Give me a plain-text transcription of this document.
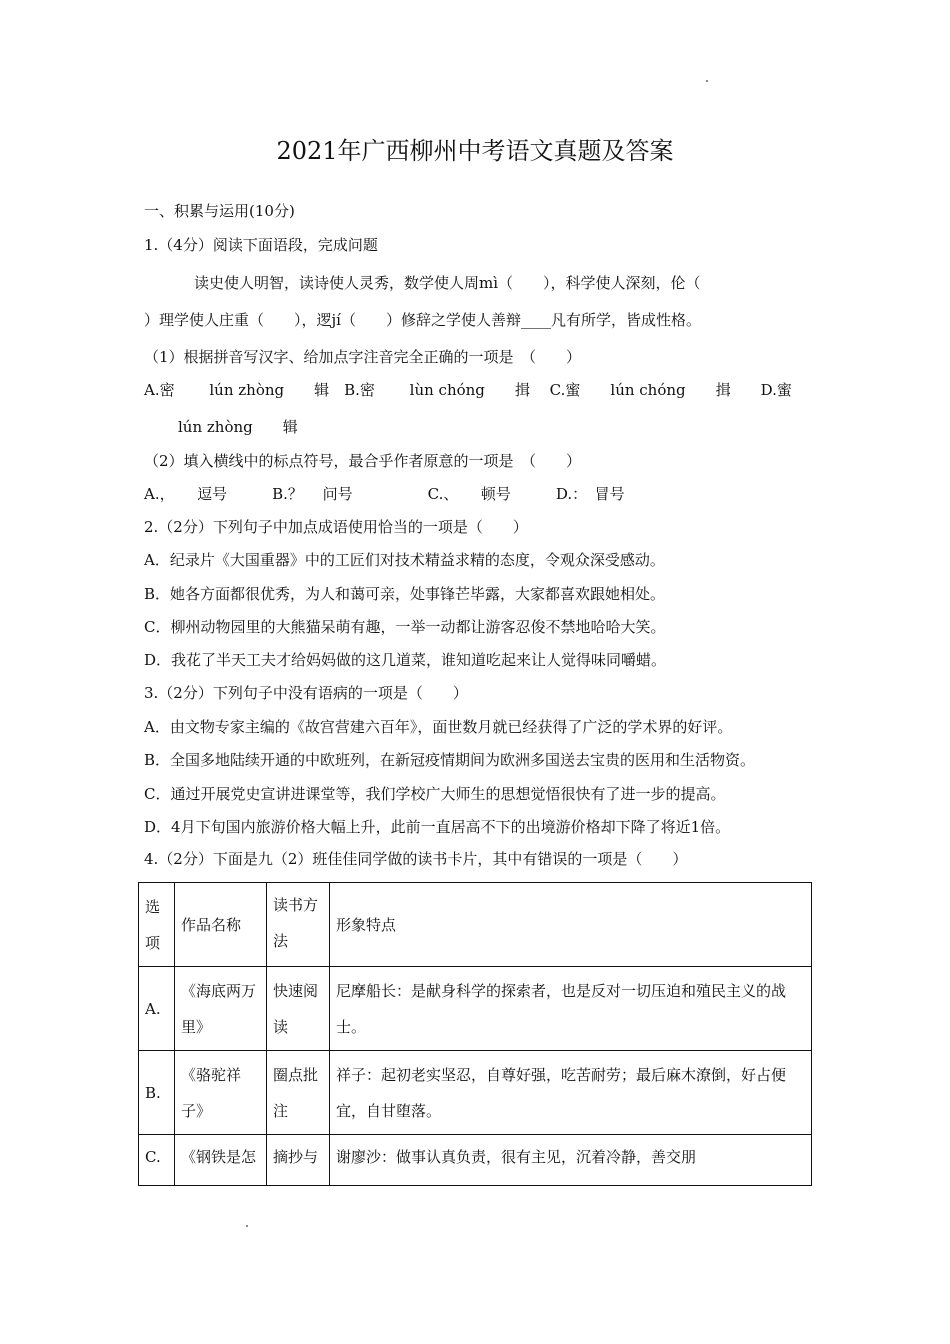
2021年广西柳州中考语文真题及答案
一、积累与运用(10分)
1.（4分）阅读下面语段，完成问题
读史使人明智，读诗使人灵秀，数学使人周mì（　　），科学使人深刻，伦（
）理学使人庄重（　　），逻jí（　　）修辞之学使人善辩____凡有所学，皆成性格。
（1）根据拼音写汉字、给加点字注音完全正确的一项是　（　　）
A.密　　 lún zhòng　　辑　B.密　　 lùn chóng　　揖　 C.蜜　　lún chóng　　揖　　D.蜜
lún zhòng　　辑
（2）填入横线中的标点符号，最合乎作者原意的一项是　（　　）
A.，　　逗号　　　B.？　 问号　　　　　C.、　　顿号　　　D.：　冒号
2.（2分）下列句子中加点成语使用恰当的一项是（　　）
A．纪录片《大国重器》中的工匠们对技术精益求精的态度，令观众深受感动。
B．她各方面都很优秀，为人和蔼可亲，处事锋芒毕露，大家都喜欢跟她相处。
C．柳州动物园里的大熊猫呆萌有趣，一举一动都让游客忍俊不禁地哈哈大笑。
D．我花了半天工夫才给妈妈做的这几道菜，谁知道吃起来让人觉得味同嚼蜡。
3.（2分）下列句子中没有语病的一项是（　　）
A．由文物专家主编的《故宫营建六百年》，面世数月就已经获得了广泛的学术界的好评。
B．全国多地陆续开通的中欧班列，在新冠疫情期间为欧洲多国送去宝贵的医用和生活物资。
C．通过开展党史宣讲进课堂等，我们学校广大师生的思想觉悟很快有了进一步的提高。
D．4月下旬国内旅游价格大幅上升，此前一直居高不下的出境游价格却下降了将近1倍。
4.（2分）下面是九（2）班佳佳同学做的读书卡片，其中有错误的一项是（　　）
选项	作品名称	读书方法	形象特点
A.	《海底两万里》	快速阅读	尼摩船长：是献身科学的探索者，也是反对一切压迫和殖民主义的战士。
B.	《骆驼祥子》	圈点批注	祥子：起初老实坚忍，自尊好强，吃苦耐劳；最后麻木潦倒，好占便宜，自甘堕落。
C.	《钢铁是怎	摘抄与	谢廖沙：做事认真负责，很有主见，沉着冷静，善交朋
